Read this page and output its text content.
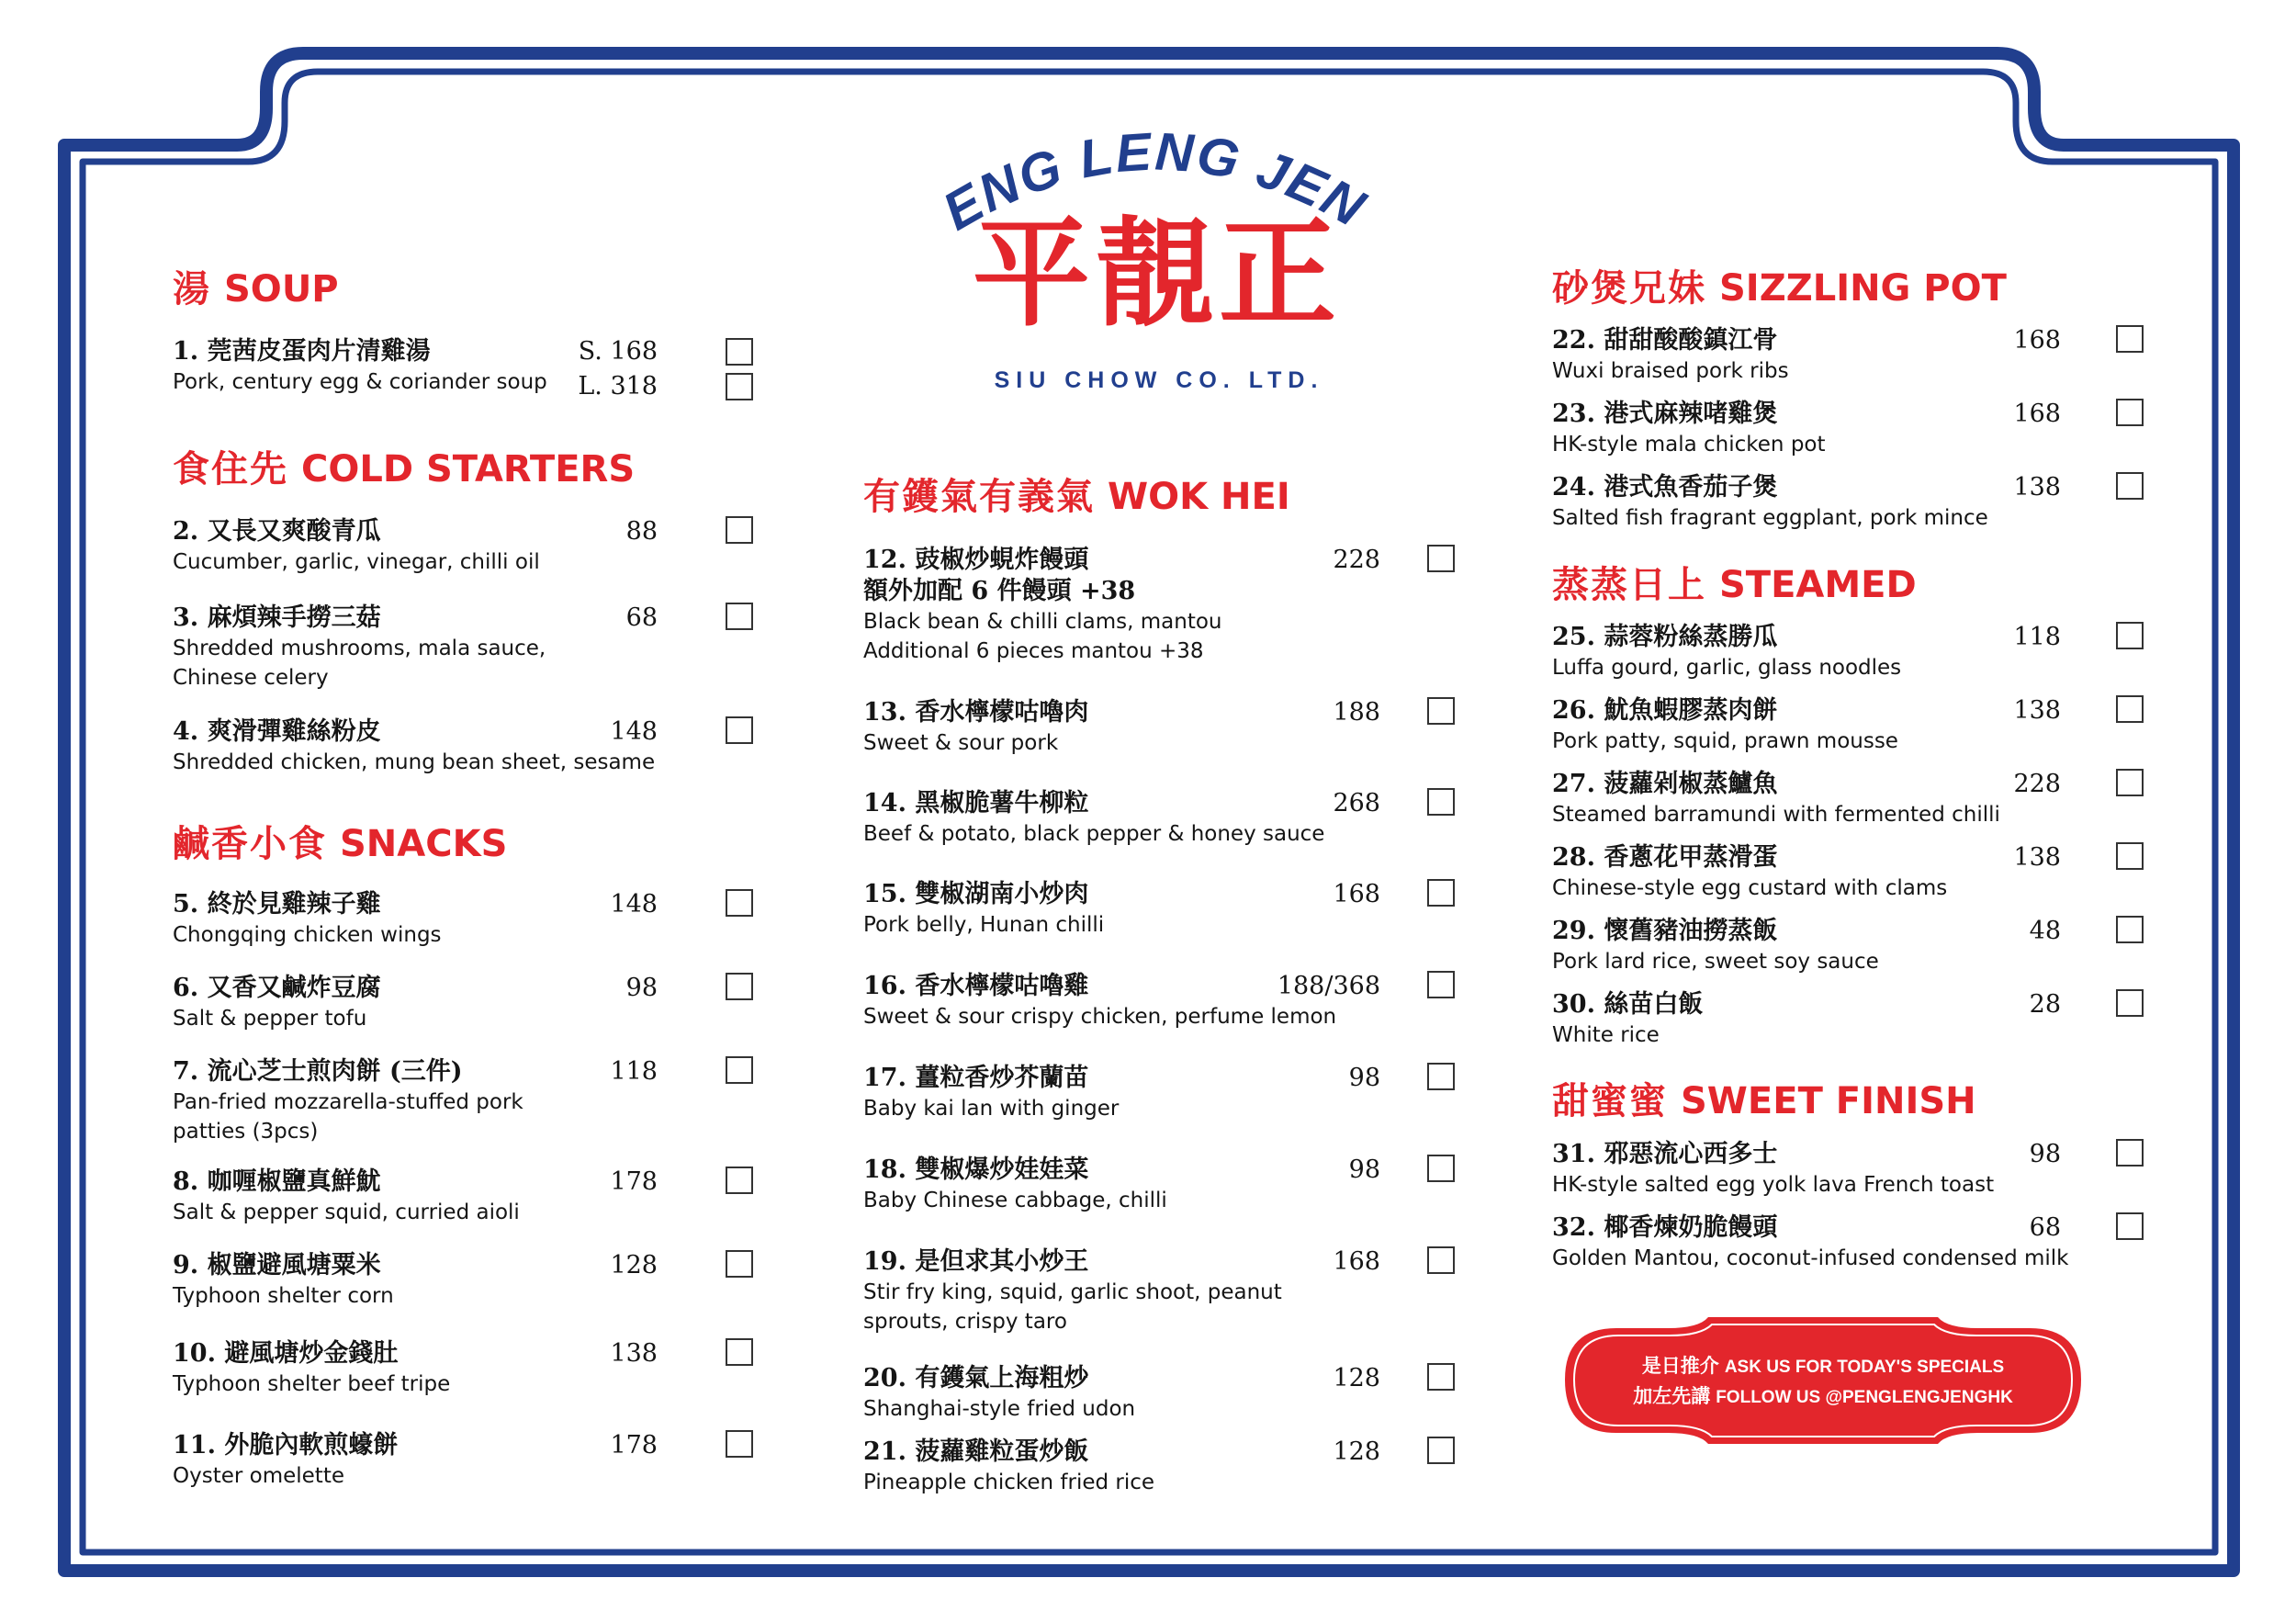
ENG LENG JEN
平靚正
SIU CHOW CO. LTD.
湯 SOUP
1. 莞茜皮蛋肉片清雞湯
Pork, century egg & coriander soup
S. 168
L. 318
食住先 COLD STARTERS
2. 又長又爽酸青瓜
Cucumber, garlic, vinegar, chilli oil
88
3. 麻煩辣手撈三菇
Shredded mushrooms, mala sauce, Chinese celery
68
4. 爽滑彈雞絲粉皮
Shredded chicken, mung bean sheet, sesame
148
鹹香小食 SNACKS
5. 終於見雞辣子雞
Chongqing chicken wings
148
6. 又香又鹹炸豆腐
Salt & pepper tofu
98
7. 流心芝士煎肉餅 (三件)
Pan-fried mozzarella-stuffed pork patties (3pcs)
118
8. 咖喱椒鹽真鮮魷
Salt & pepper squid, curried aioli
178
9. 椒鹽避風塘粟米
Typhoon shelter corn
128
10. 避風塘炒金錢肚
Typhoon shelter beef tripe
138
11. 外脆內軟煎蠔餅
Oyster omelette
178
有鑊氣有義氣 WOK HEI
12. 豉椒炒蜆炸饅頭
額外加配 6 件饅頭 +38
Black bean & chilli clams, mantou
Additional 6 pieces mantou +38
228
13. 香水檸檬咕嚕肉
Sweet & sour pork
188
14. 黑椒脆薯牛柳粒
Beef & potato, black pepper & honey sauce
268
15. 雙椒湖南小炒肉
Pork belly, Hunan chilli
168
16. 香水檸檬咕嚕雞
Sweet & sour crispy chicken, perfume lemon
188/368
17. 薑粒香炒芥蘭苗
Baby kai lan with ginger
98
18. 雙椒爆炒娃娃菜
Baby Chinese cabbage, chilli
98
19. 是但求其小炒王
Stir fry king, squid, garlic shoot, peanut sprouts, crispy taro
168
20. 有鑊氣上海粗炒
Shanghai-style fried udon
128
21. 菠蘿雞粒蛋炒飯
Pineapple chicken fried rice
128
砂煲兄妹 SIZZLING POT
22. 甜甜酸酸鎮江骨
Wuxi braised pork ribs
168
23. 港式麻辣啫雞煲
HK-style mala chicken pot
168
24. 港式魚香茄子煲
Salted fish fragrant eggplant, pork mince
138
蒸蒸日上 STEAMED
25. 蒜蓉粉絲蒸勝瓜
Luffa gourd, garlic, glass noodles
118
26. 魷魚蝦膠蒸肉餅
Pork patty, squid, prawn mousse
138
27. 菠蘿剁椒蒸鱸魚
Steamed barramundi with fermented chilli
228
28. 香蔥花甲蒸滑蛋
Chinese-style egg custard with clams
138
29. 懷舊豬油撈蒸飯
Pork lard rice, sweet soy sauce
48
30. 絲苗白飯
White rice
28
甜蜜蜜 SWEET FINISH
31. 邪惡流心西多士
HK-style salted egg yolk lava French toast
98
32. 椰香煉奶脆饅頭
Golden Mantou, coconut-infused condensed milk
68
是日推介 ASK US FOR TODAY'S SPECIALS
加左先講 FOLLOW US @PENGLENGJENGHK
